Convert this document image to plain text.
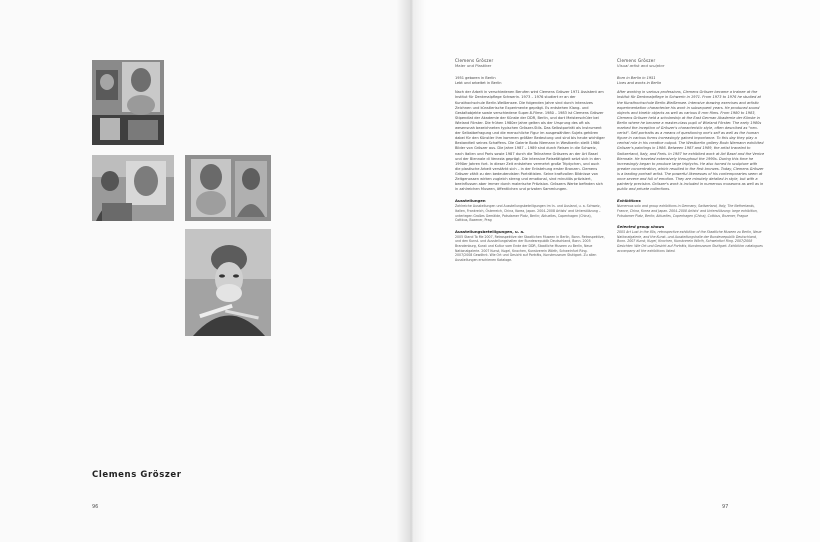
Clemens Gröszer
96
Clemens Gröszer
Maler und Plastiker
1951 geboren in Berlin

Lebt und arbeitet in Berlin

Nach der Arbeit in verschiedenen Berufen wird Clemens Gröszer 1971 Assistent am Institut für Denkmalpflege Schwerin. 1973 – 1976 studiert er an der Kunsthochschule Berlin-Weißensee. Die folgenden Jahre sind durch intensives Zeichnen und künstlerische Experimente geprägt. Es entstehen Klang- und Gestaltobjekte sowie verschiedene Super-8-Filme. 1980 – 1983 ist Clemens Gröszer Stipendiat der Akademie der Künste der DDR, Berlin, und dort Meisterschüler bei Wieland Förster. Die frühen 1980er Jahre gelten als der Ursprung des oft als wesensnah bezeichneten typischen Gröszer-Stils. Das Selbstporträt als Instrument der Selbstbefragung und die menschliche Figur im ausgewählten Sujets gehören dabei für den Künstler ihm kommen größter Bedeutung und sind bis heute wichtiger Bestandteil seines Schaffens. Die Galerie Bodo Niemann in Westberlin stellt 1986 Bilder von Gröszer aus. Die Jahre 1987 – 1989 sind durch Reisen in die Schweiz, nach Italien und Paris sowie 1987 durch die Teilnahme Gröszers an der Art Basel und der Biennale di Venezia geprägt. Die intensive Reisetätigkeit setzt sich in den 1990er Jahren fort. In dieser Zeit entstehen vermehrt große Triptychen, und auch die plastische Arbeit verstärkt sich – in der Entstehung erster Bronzen. Clemens Gröszer zählt zu den bedeutendsten Porträtisten. Seine kraftvollen Bildnisse von Zeitgenossen wirken zugleich streng und emotional, sind minutiös präzisiert, beeinflussen aber immer durch malerische Präzision. Gröszers Werke befinden sich in zahlreichen Museen, öffentlichen und privaten Sammlungen.

Ausstellungen
Zahlreiche Ausstellungen und Ausstellungsbeteiligungen im In- und Ausland, u. a. Schweiz, Italien, Frankreich, Österreich, China, Korea, Japan. 2004–2008 Artists' and Unterstützung – unterlegen Großes Gemälde, Potsdamer Platz, Berlin; Aktuelles, Copenhagen (China), Cottbus, Bozener, Prag
Ausstellungsbeteiligungen, u. a.
2005 Stand To Me 2007, Retrospektive der Staatlichen Museen in Berlin, Bonn. Retrospektive, und den Kunst- und Ausstellungshallen der Bundesrepublik Deutschland, Bonn. 2005 Brandenburg, Kunst und Kultur vom Ende der DDR, Staatliche Museen zu Berlin, Neue Nationalgalerie. 2007 Kunst, Kugel, Knochen, Kunstverein Wörth, Schweinfurt Ring. 2007/2008 Gewöhnt. Wie Ort und Gesicht auf Porträts, Kunstmuseum Stuttgart. Zu allen Ausstellungen erschienen Kataloge.
Clemens Gröszer
Visual artist and sculptor
Born in Berlin in 1951

Lives and works in Berlin

After working in various professions, Clemens Gröszer became a trainee at the Institut für Denkmalpflege in Schwerin in 1971. From 1973 to 1976 he studied at the Kunsthochschule Berlin-Weißensee. Intensive drawing exercises and artistic experimentation characterize his work in subsequent years. He produced sound objects and kinetic objects as well as various 8 mm films. From 1980 to 1983, Clemens Gröszer held a scholarship at the East German Akademie der Künste in Berlin where he became a master-class pupil of Wieland Förster. The early 1980s marked the inception of Gröszer's characteristic style, often described as "neo-verist". Self-portraits as a means of questioning one's self as well as the human figure in various forms increasingly gained importance. To this day they play a central role in his creative output. The Westberlin gallery Bodo Niemann exhibited Gröszer's paintings in 1986. Between 1987 and 1989, the artist traveled to Switzerland, Italy, and Paris. In 1987 he exhibited work at Art Basel and the Venice Biennale. He traveled extensively throughout the 1990s. During this time he increasingly began to produce large triptychs. He also turned to sculpture with greater concentration, which resulted in the first bronzes. Today, Clemens Gröszer is a leading portrait artist. The powerful likenesses of his contemporaries seem at once severe and full of emotion. They are minutely detailed in style, but with a painterly precision. Gröszer's work is included in numerous museums as well as in public and private collections.

Exhibitions
Numerous solo and group exhibitions in Germany, Switzerland, Italy, The Netherlands, France, China, Korea and Japan. 2004–2008 Artists' and Unterstützung: large exhibition, Potsdamer Platz, Berlin; Aktuelles, Copenhagen (China), Cottbus, Bozener, Prague
Selected group shows
2005 Art Lust in the 80s, retrospective exhibition of the Staatliche Museen zu Berlin, Neue Nationalgalerie, and the Kunst- und Ausstellungshalle der Bundesrepublik Deutschland, Bonn. 2007 Kunst, Kugel, Knochen, Kunstverein Wörth, Schweinfurt Ring. 2007/2008 Gesichter: Wie Ort und Gesicht auf Porträts, Kunstmuseum Stuttgart. Exhibition catalogues accompany all the exhibitions listed.
97
